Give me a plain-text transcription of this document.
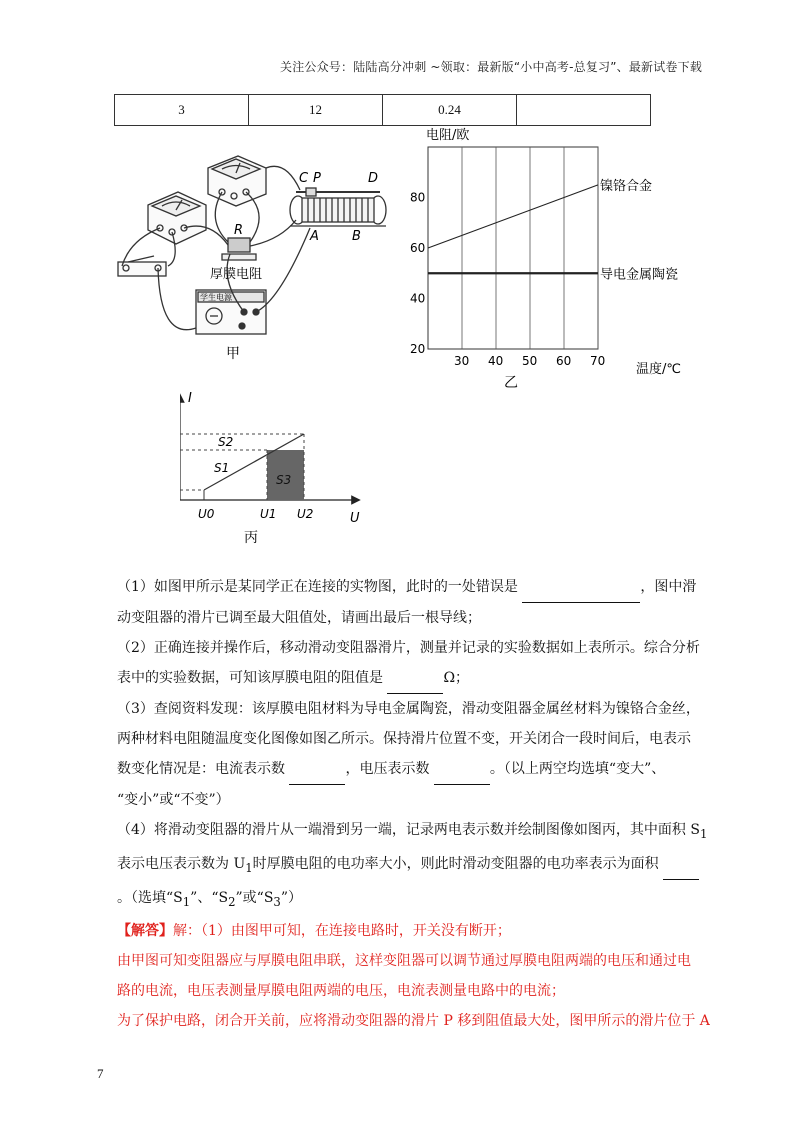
关注公众号：陆陆高分冲刺 ~领取：最新版“小中高考-总复习”、最新试卷下载
3	12	0.24	
C P	D
A	B
R
厚膜电阻
学生电源
甲
电阻/欧
温度/℃
乙
30 40 50 60 70
20
40
60
80
镍铬合金
导电金属陶瓷
I
U
S2
S1
S3
U0	U1 U2
丙

（1）如图甲所示是某同学正在连接的实物图，此时的一处错误是	，图中滑

动变阻器的滑片已调至最大阻值处，请画出最后一根导线；

（2）正确连接并操作后，移动滑动变阻器滑片，测量并记录的实验数据如上表所示。综合分析

表中的实验数据，可知该厚膜电阻的阻值是	Ω；

（3）查阅资料发现：该厚膜电阻材料为导电金属陶瓷，滑动变阻器金属丝材料为镍铬合金丝，

两种材料电阻随温度变化图像如图乙所示。保持滑片位置不变，开关闭合一段时间后，电表示

数变化情况是：电流表示数	，电压表示数	。（以上两空均选填“变大”、

“变小”或“不变”）

（4）将滑动变阻器的滑片从一端滑到另一端，记录两电表示数并绘制图像如图丙，其中面积 $S_1$

表示电压表示数为 $U_1$时厚膜电阻的电功率大小，则此时滑动变阻器的电功率表示为面积

。（选填“$S_1$”、“$S_2$”或“$S_3$”）

【解答】解：（1）由图甲可知，在连接电路时，开关没有断开；

由甲图可知变阻器应与厚膜电阻串联，这样变阻器可以调节通过厚膜电阻两端的电压和通过电

路的电流，电压表测量厚膜电阻两端的电压，电流表测量电路中的电流；

为了保护电路，闭合开关前，应将滑动变阻器的滑片 P 移到阻值最大处，图甲所示的滑片位于 A

7
